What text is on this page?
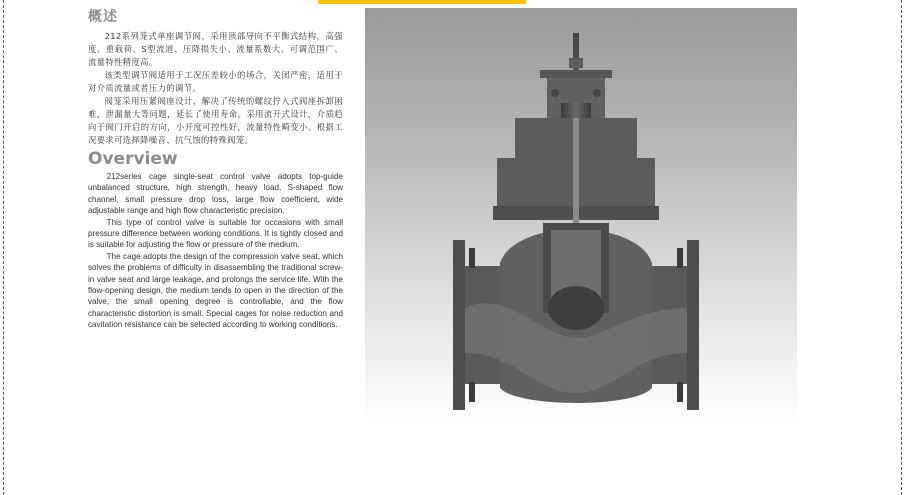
概述

212系列笼式单座调节阀，采用顶部导向不平衡式结构，高强度、重载荷、S型流道、压降损失小、流量系数大、可调范围广、流量特性精度高。

该类型调节阀适用于工况压差较小的场合，关闭严密，适用于对介质流量或者压力的调节。

阀笼采用压紧阀座设计，解决了传统的螺纹拧入式阀座拆卸困难，泄漏量大等问题，延长了使用寿命。采用流开式设计，介质趋向于阀门开启的方向，小开度可控性好，流量特性畸变小。根据工况要求可选择降噪音、抗气蚀的特殊阀笼。

Overview

212series cage single-seat control valve adopts top-guide unbalanced structure, high strength, heavy load, S-shaped flow channel, small pressure drop loss, large flow coefficient, wide adjustable range and high flow characteristic precision.

This type of control valve is suitable for occasions with small pressure difference between working conditions. It is tightly closed and is suitable for adjusting the flow or pressure of the medium.

The cage adopts the design of the compression valve seat, which solves the problems of difficulty in disassembling the traditional screw-in valve seat and large leakage, and prolongs the service life. With the flow-opening design, the medium tends to open in the direction of the valve, the small opening degree is controllable, and the flow characteristic distortion is small. Special cages for noise reduction and cavitation resistance can be selected according to working conditions.
